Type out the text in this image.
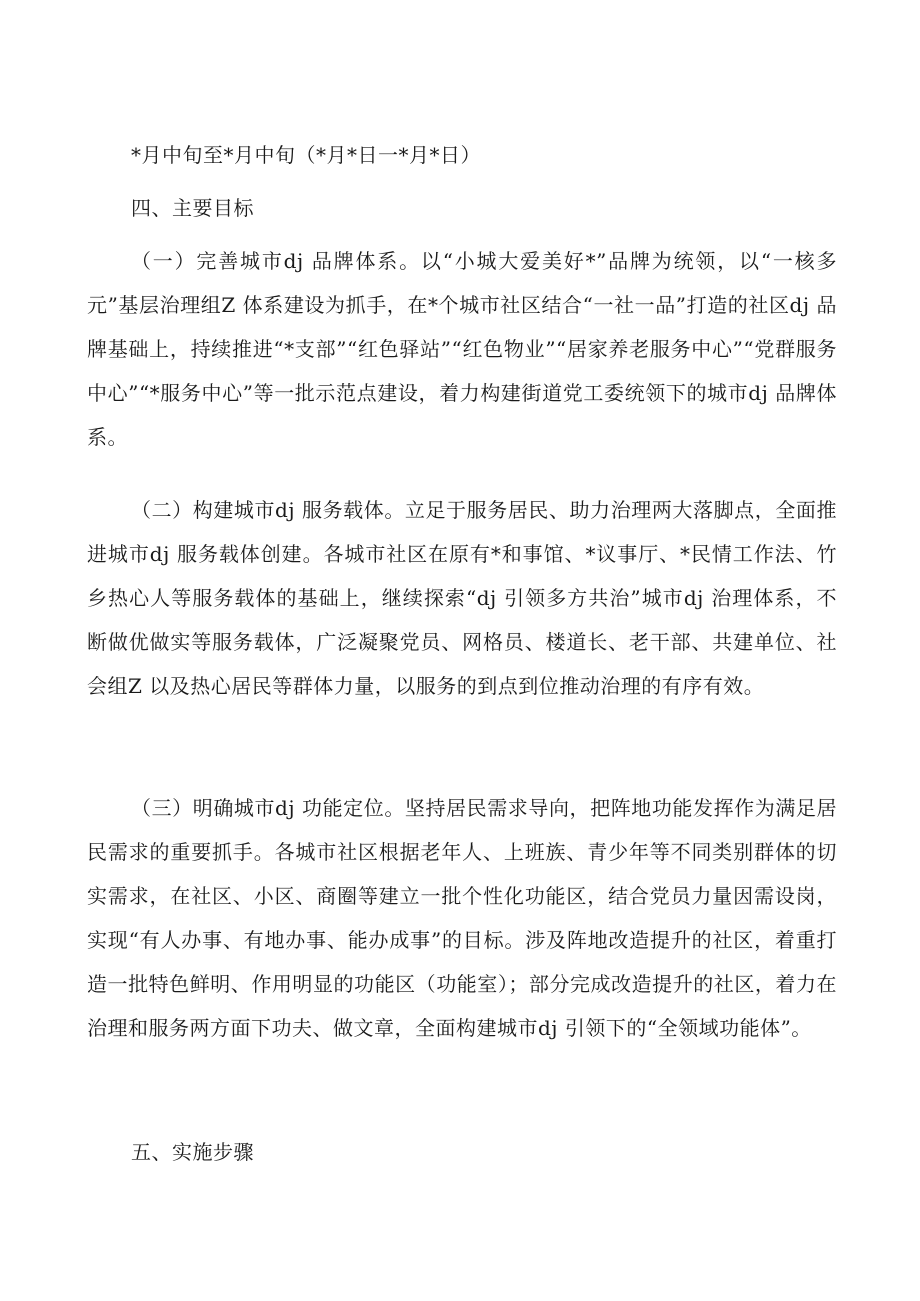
*月中旬至*月中旬（*月*日一*月*日）

四、主要目标

（一）完善城市dj 品牌体系。以“小城大爱美好*”品牌为统领，以“一核多元”基层治理组Z 体系建设为抓手，在*个城市社区结合“一社一品”打造的社区dj 品牌基础上，持续推进“*支部”“红色驿站”“红色物业”“居家养老服务中心”“党群服务中心”“*服务中心”等一批示范点建设，着力构建街道党工委统领下的城市dj 品牌体系。

（二）构建城市dj 服务载体。立足于服务居民、助力治理两大落脚点，全面推进城市dj 服务载体创建。各城市社区在原有*和事馆、*议事厅、*民情工作法、竹乡热心人等服务载体的基础上，继续探索“dj 引领多方共治”城市dj 治理体系，不断做优做实等服务载体，广泛凝聚党员、网格员、楼道长、老干部、共建单位、社会组Z 以及热心居民等群体力量，以服务的到点到位推动治理的有序有效。

（三）明确城市dj 功能定位。坚持居民需求导向，把阵地功能发挥作为满足居民需求的重要抓手。各城市社区根据老年人、上班族、青少年等不同类别群体的切实需求，在社区、小区、商圈等建立一批个性化功能区，结合党员力量因需设岗，实现“有人办事、有地办事、能办成事”的目标。涉及阵地改造提升的社区，着重打造一批特色鲜明、作用明显的功能区（功能室）；部分完成改造提升的社区，着力在治理和服务两方面下功夫、做文章，全面构建城市dj 引领下的“全领域功能体”。

五、实施步骤
